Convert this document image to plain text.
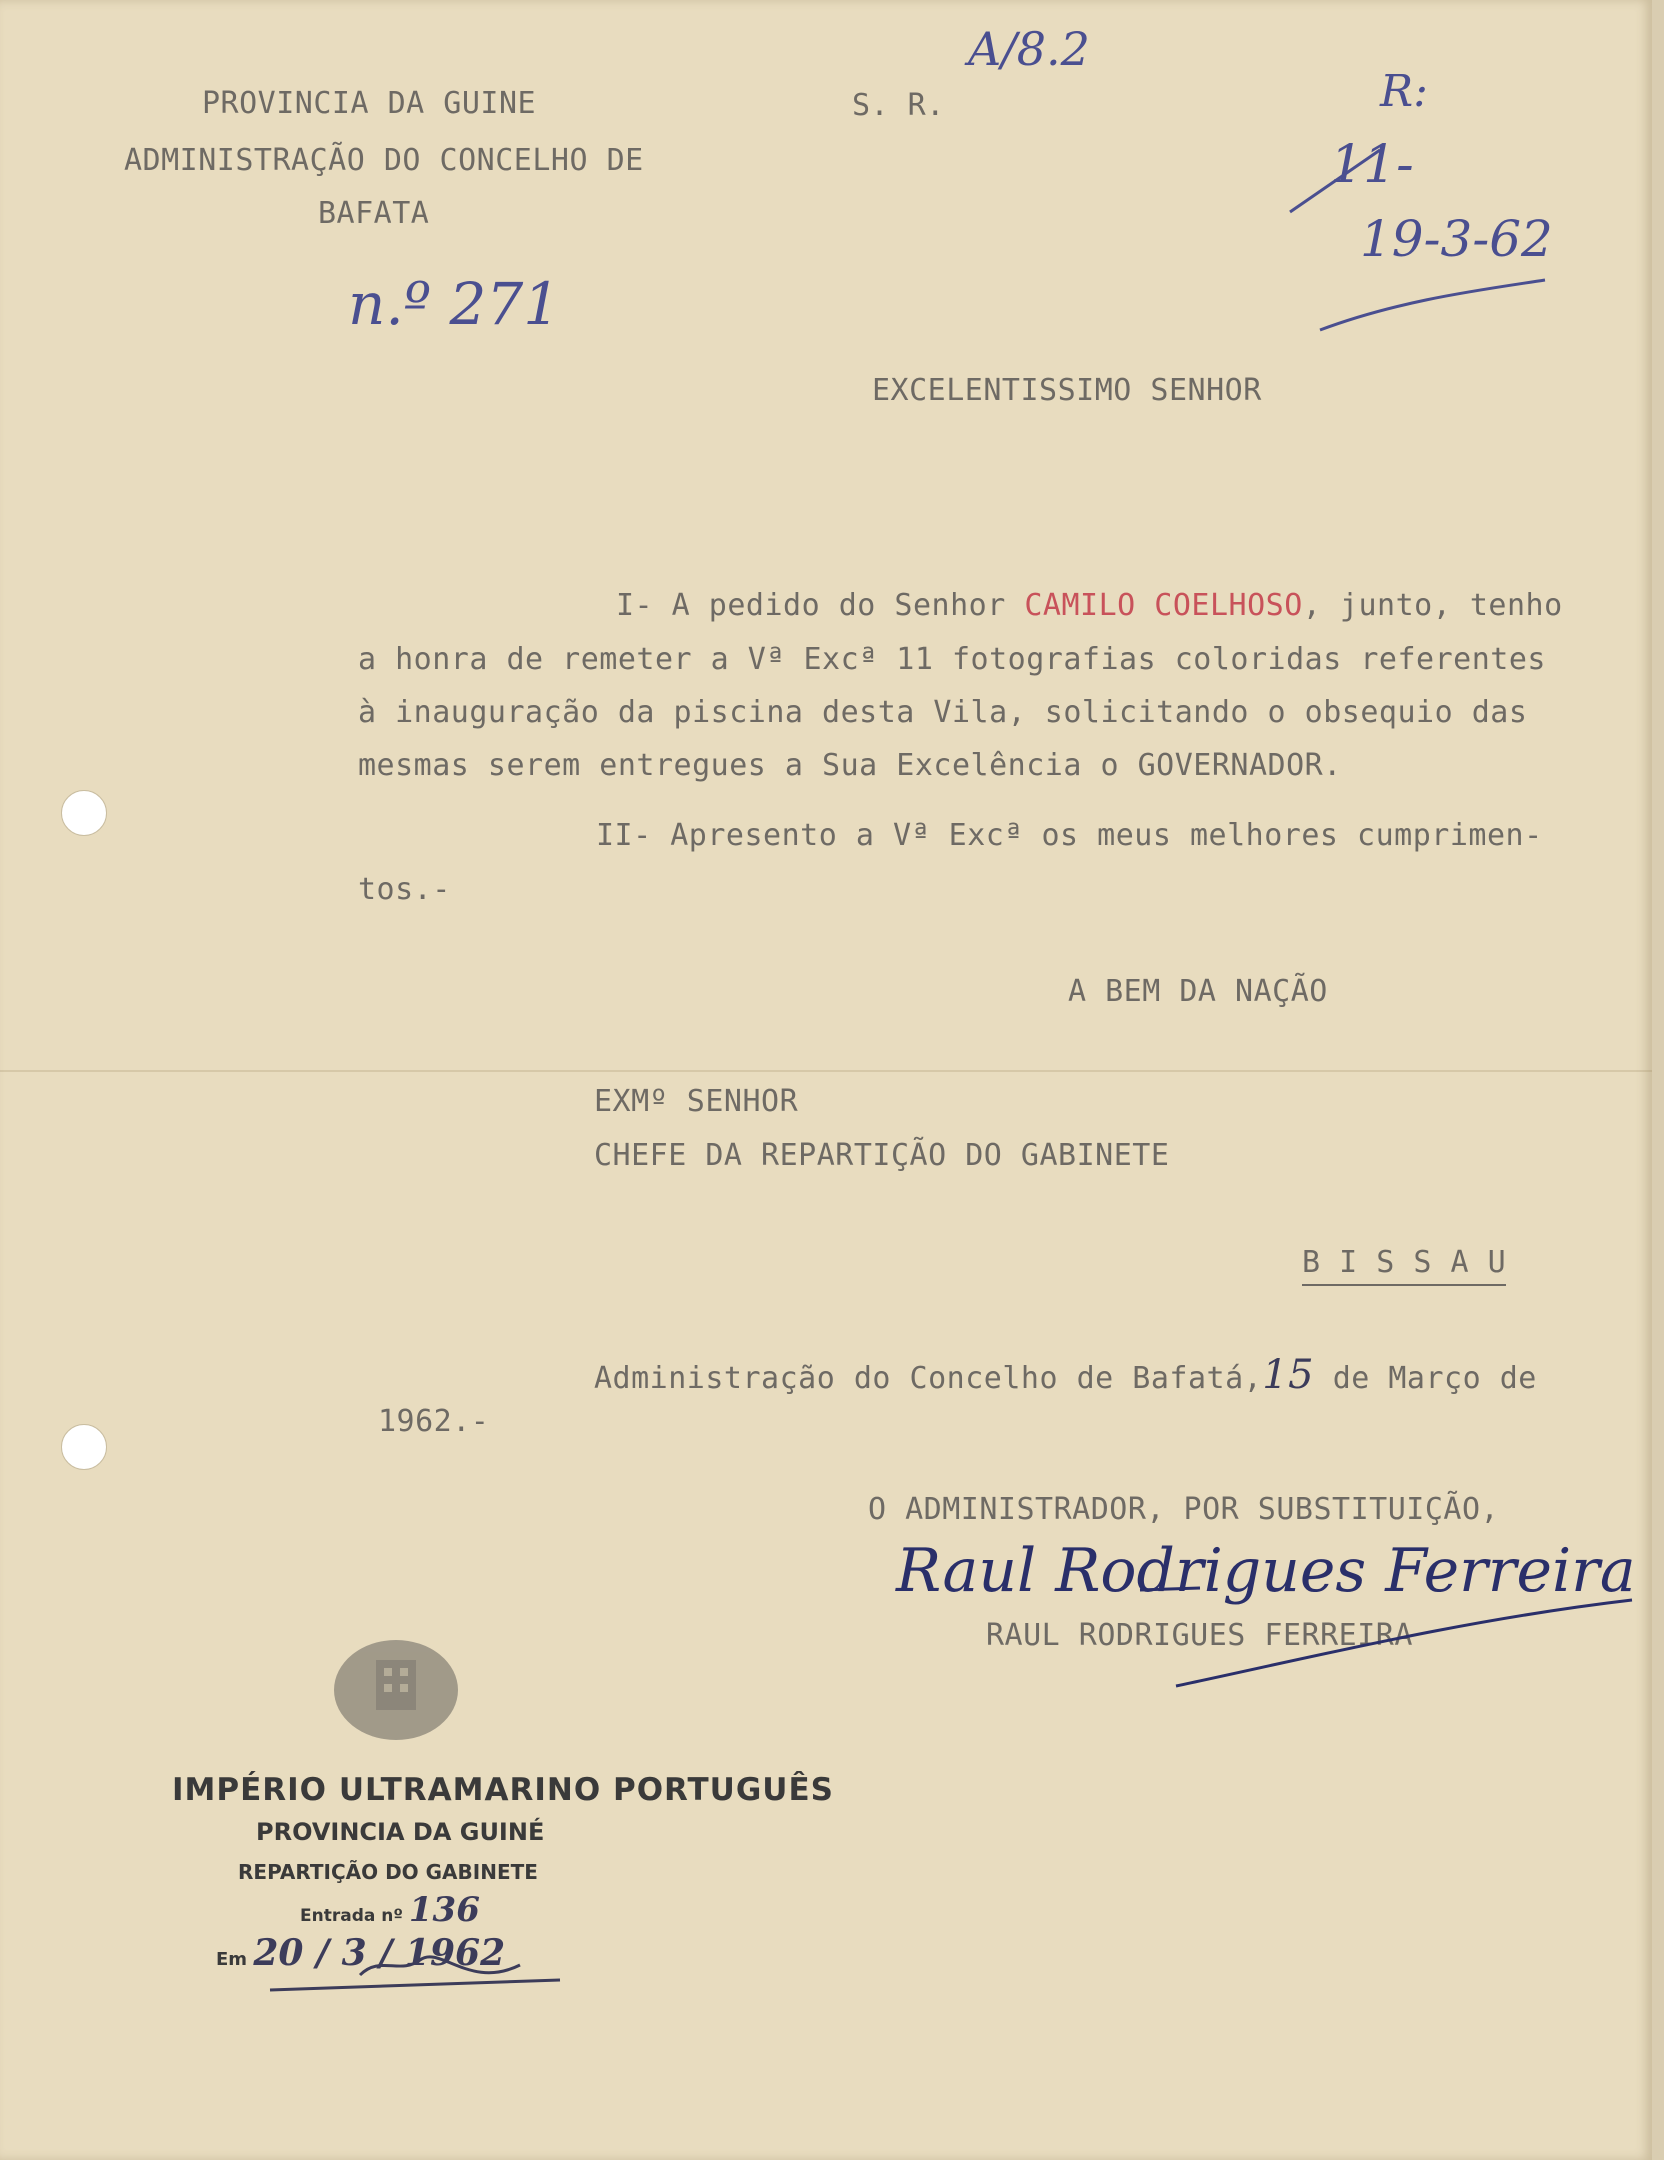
A/8.2
n.º 271
R:
11-
19-3-62
PROVINCIA DA GUINE
ADMINISTRAÇÃO DO CONCELHO DE
BAFATA
S. R.
EXCELENTISSIMO SENHOR
I- A pedido do Senhor CAMILO COELHOSO, junto, tenho
a honra de remeter a Vª Excª 11 fotografias coloridas referentes
à inauguração da piscina desta Vila, solicitando o obsequio das
mesmas serem entregues a Sua Excelência o GOVERNADOR.
II- Apresento a Vª Excª os meus melhores cumprimen-
tos.-
A BEM DA NAÇÃO
EXMº SENHOR
CHEFE DA REPARTIÇÃO DO GABINETE
B I S S A U
Administração do Concelho de Bafatá,15 de Março de
1962.-
O ADMINISTRADOR, POR SUBSTITUIÇÃO,
Raul Rodrigues Ferreira
RAUL RODRIGUES FERREIRA
IMPÉRIO ULTRAMARINO PORTUGUÊS
PROVINCIA DA GUINÉ
REPARTIÇÃO DO GABINETE
Entrada nº 136
Em 20 / 3 / 1962
